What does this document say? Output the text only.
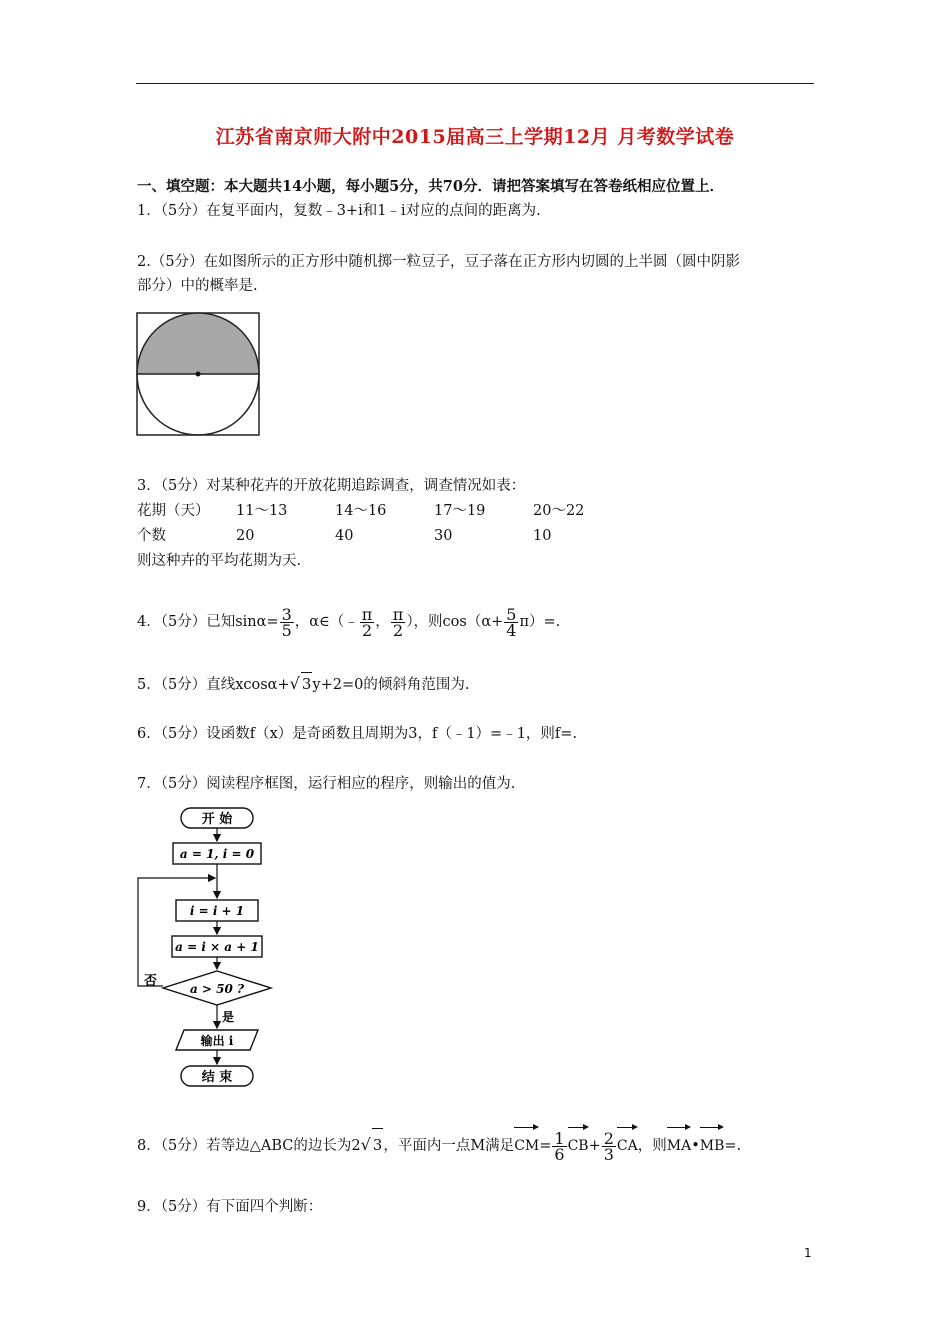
江苏省南京师大附中2015届高三上学期12月 月考数学试卷
一、填空题：本大题共14小题，每小题5分，共70分．请把答案填写在答卷纸相应位置上．
1．（5分）在复平面内，复数﹣3+i和1﹣i对应的点间的距离为.
2.（5分）在如图所示的正方形中随机掷一粒豆子，豆子落在正方形内切圆的上半圆（圆中阴影
部分）中的概率是.
3．（5分）对某种花卉的开放花期追踪调查，调查情况如表：
花期（天） 11～13	14～16	17～19	20～22
个数	20	40	30	10
则这种卉的平均花期为天.
4．（5分）已知$\sin\alpha= \frac{3}{5}$ ，α∈（﹣ $\frac{\pi}{2}$ ， $\frac{\pi}{2}$ ），则$\cos(\alpha+ \frac{5}{4} \pi)=$.
5．（5分）直线xcosα+√ 3y+2=0的倾斜角范围为.
6．（5分）设函数f（x）是奇函数且周期为3，f（﹣1）=﹣1，则f=.
7．（5分）阅读程序框图，运行相应的程序，则输出的值为.
开 始
a = 1, i = 0
i = i + 1
a = i × a + 1
a > 50 ?
否
是
输出 i
结 束
8．（5分）若等边△ABC的边长为2√ 3，平面内一点M满足$CM= \frac{1}{6} CB+ \frac{2}{3}$ CA，则MA•MB=.
9．（5分）有下面四个判断：
1
